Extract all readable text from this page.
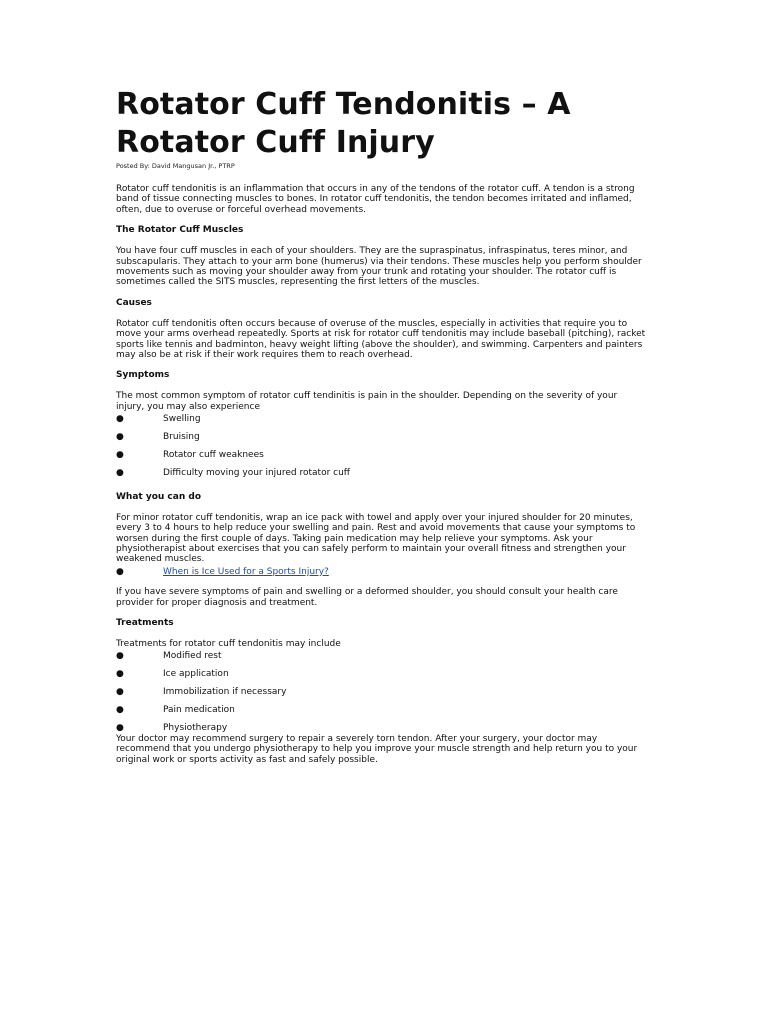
Rotator Cuff Tendonitis – A
Rotator Cuff Injury
Posted By: David Mangusan Jr., PTRP

Rotator cuff tendonitis is an inflammation that occurs in any of the tendons of the rotator cuff. A tendon is a strong band of tissue connecting muscles to bones. In rotator cuff tendonitis, the tendon becomes irritated and inflamed, often, due to overuse or forceful overhead movements.

The Rotator Cuff Muscles

You have four cuff muscles in each of your shoulders. They are the supraspinatus, infraspinatus, teres minor, and subscapularis. They attach to your arm bone (humerus) via their tendons. These muscles help you perform shoulder movements such as moving your shoulder away from your trunk and rotating your shoulder. The rotator cuff is sometimes called the SITS muscles, representing the first letters of the muscles.

Causes

Rotator cuff tendonitis often occurs because of overuse of the muscles, especially in activities that require you to move your arms overhead repeatedly. Sports at risk for rotator cuff tendonitis may include baseball (pitching), racket sports like tennis and badminton, heavy weight lifting (above the shoulder), and swimming. Carpenters and painters may also be at risk if their work requires them to reach overhead.

Symptoms

The most common symptom of rotator cuff tendinitis is pain in the shoulder. Depending on the severity of your injury, you may also experience

●	Swelling
●	Bruising
●	Rotator cuff weaknees
●	Difficulty moving your injured rotator cuff
What you can do

For minor rotator cuff tendonitis, wrap an ice pack with towel and apply over your injured shoulder for 20 minutes, every 3 to 4 hours to help reduce your swelling and pain. Rest and avoid movements that cause your symptoms to worsen during the first couple of days. Taking pain medication may help relieve your symptoms. Ask your physiotherapist about exercises that you can safely perform to maintain your overall fitness and strengthen your weakened muscles.

●	When is Ice Used for a Sports Injury?

If you have severe symptoms of pain and swelling or a deformed shoulder, you should consult your health care provider for proper diagnosis and treatment.

Treatments

Treatments for rotator cuff tendonitis may include

●	Modified rest
●	Ice application
●	Immobilization if necessary
●	Pain medication
●	Physiotherapy

Your doctor may recommend surgery to repair a severely torn tendon. After your surgery, your doctor may recommend that you undergo physiotherapy to help you improve your muscle strength and help return you to your original work or sports activity as fast and safely possible.
